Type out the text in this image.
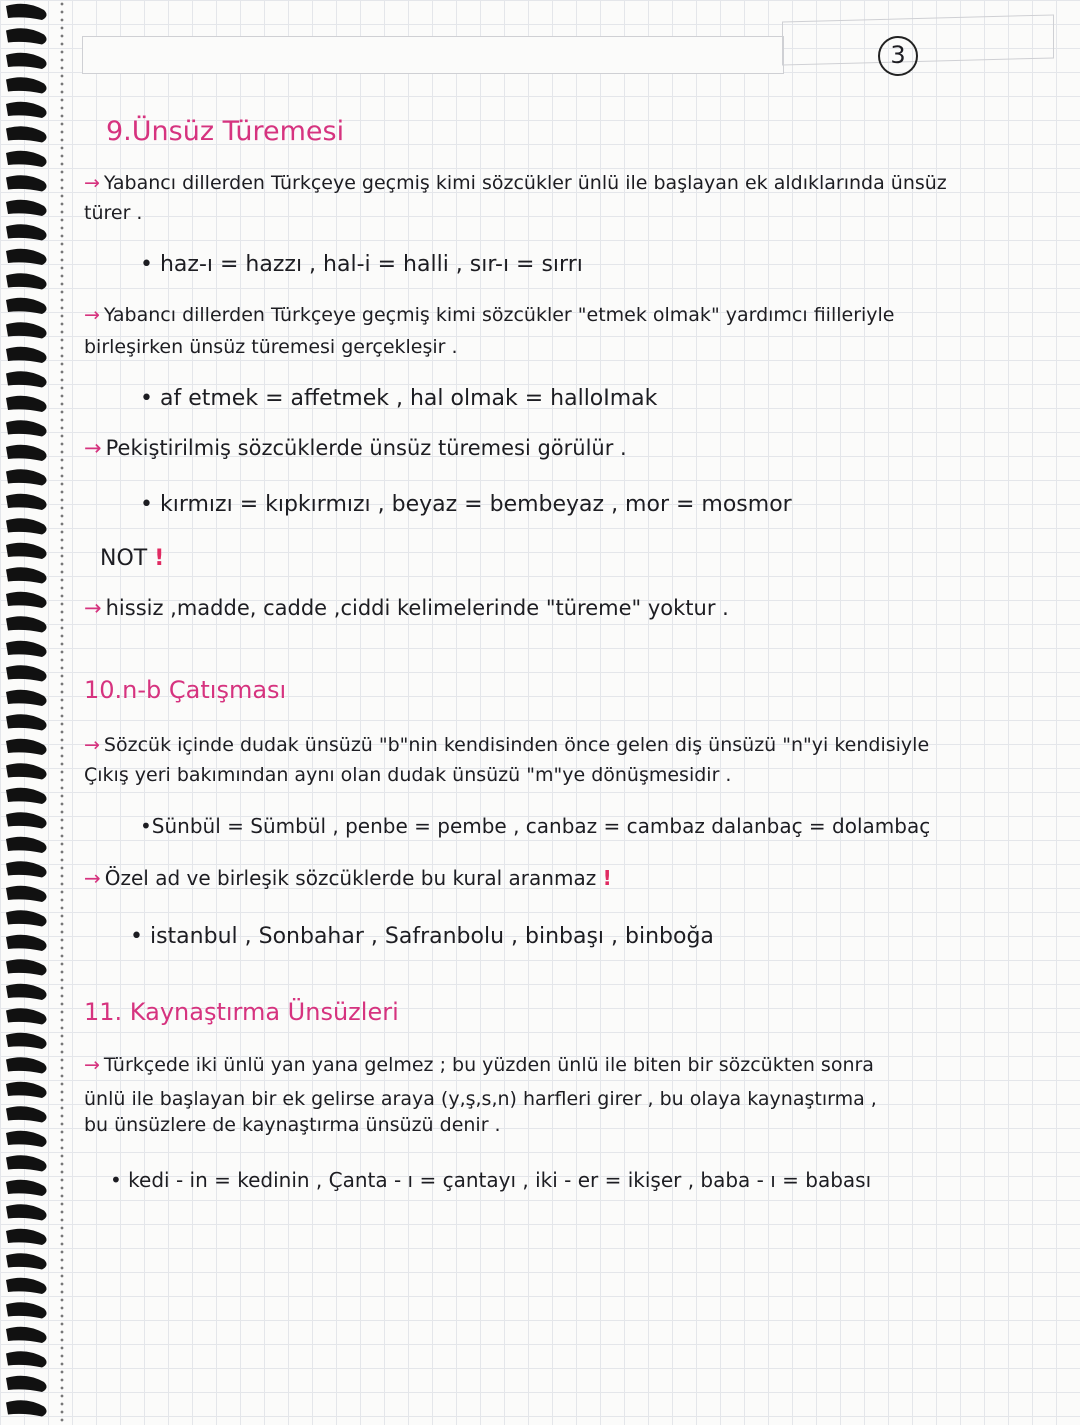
3
9.Ünsüz Türemesi
→ Yabancı dillerden Türkçeye geçmiş kimi sözcükler ünlü ile başlayan ek aldıklarında ünsüz
türer .
• haz-ı = hazzı , hal-i = halli , sır-ı = sırrı
→ Yabancı dillerden Türkçeye geçmiş kimi sözcükler "etmek olmak" yardımcı fiilleriyle
birleşirken ünsüz türemesi gerçekleşir .
• af etmek = affetmek , hal olmak = halloImak
→ Pekiştirilmiş sözcüklerde ünsüz türemesi görülür .
• kırmızı = kıpkırmızı , beyaz = bembeyaz , mor = mosmor
NOT !
→ hissiz ,madde, cadde ,ciddi kelimelerinde "türeme" yoktur .
10.n-b Çatışması
→ Sözcük içinde dudak ünsüzü "b"nin kendisinden önce gelen diş ünsüzü "n"yi kendisiyle
Çıkış yeri bakımından aynı olan dudak ünsüzü "m"ye dönüşmesidir .
•Sünbül = Sümbül , penbe = pembe , canbaz = cambaz dalanbaç = dolambaç
→ Özel ad ve birleşik sözcüklerde bu kural aranmaz !
• istanbul , Sonbahar , Safranbolu , binbaşı , binboğa
11. Kaynaştırma Ünsüzleri
→ Türkçede iki ünlü yan yana gelmez ; bu yüzden ünlü ile biten bir sözcükten sonra
ünlü ile başlayan bir ek gelirse araya (y,ş,s,n) harfleri girer , bu olaya kaynaştırma ,
bu ünsüzlere de kaynaştırma ünsüzü denir .
• kedi - in = kedinin , Çanta - ı = çantayı , iki - er = ikişer , baba - ı = babası
